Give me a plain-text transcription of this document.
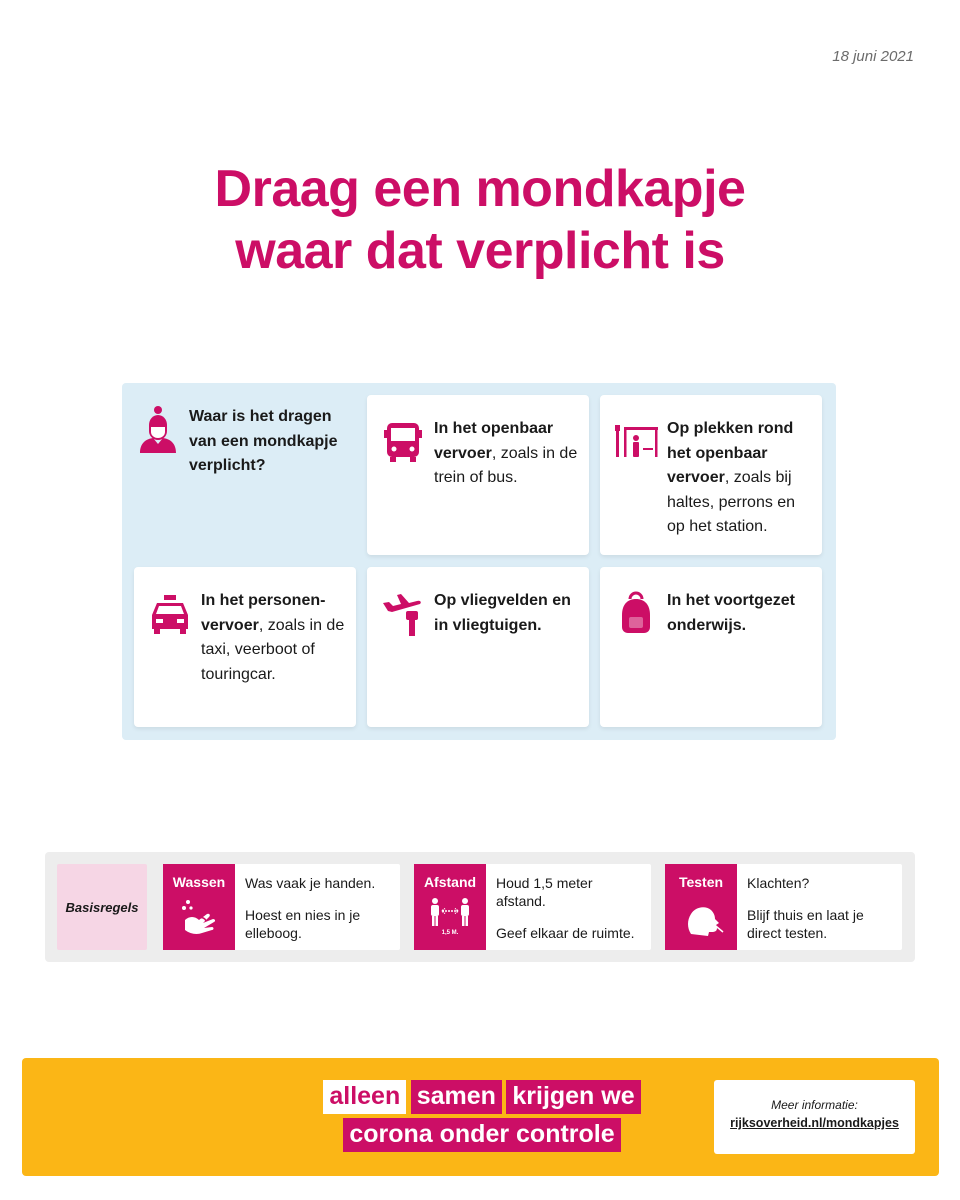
18 juni 2021
Draag een mondkapje
waar dat verplicht is
Waar is het dragen van een mondkapje verplicht?
In het openbaar vervoer, zoals in de trein of bus.
Op plekken rond het openbaar vervoer, zoals bij haltes, perrons en op het station.
In het personen-vervoer, zoals in de taxi, veerboot of touringcar.
Op vliegvelden en in vliegtuigen.
In het voortgezet onderwijs.
Basisregels
Wassen	Was vaak je handen.

Hoest en nies in je elleboog.

Afstand
1,5 M.

Houd 1,5 meter afstand.

Geef elkaar de ruimte.

Testen	Klachten?

Blijf thuis en laat je direct testen.

alleen samen krijgen we
corona onder controle
Meer informatie:
rijksoverheid.nl/mondkapjes
